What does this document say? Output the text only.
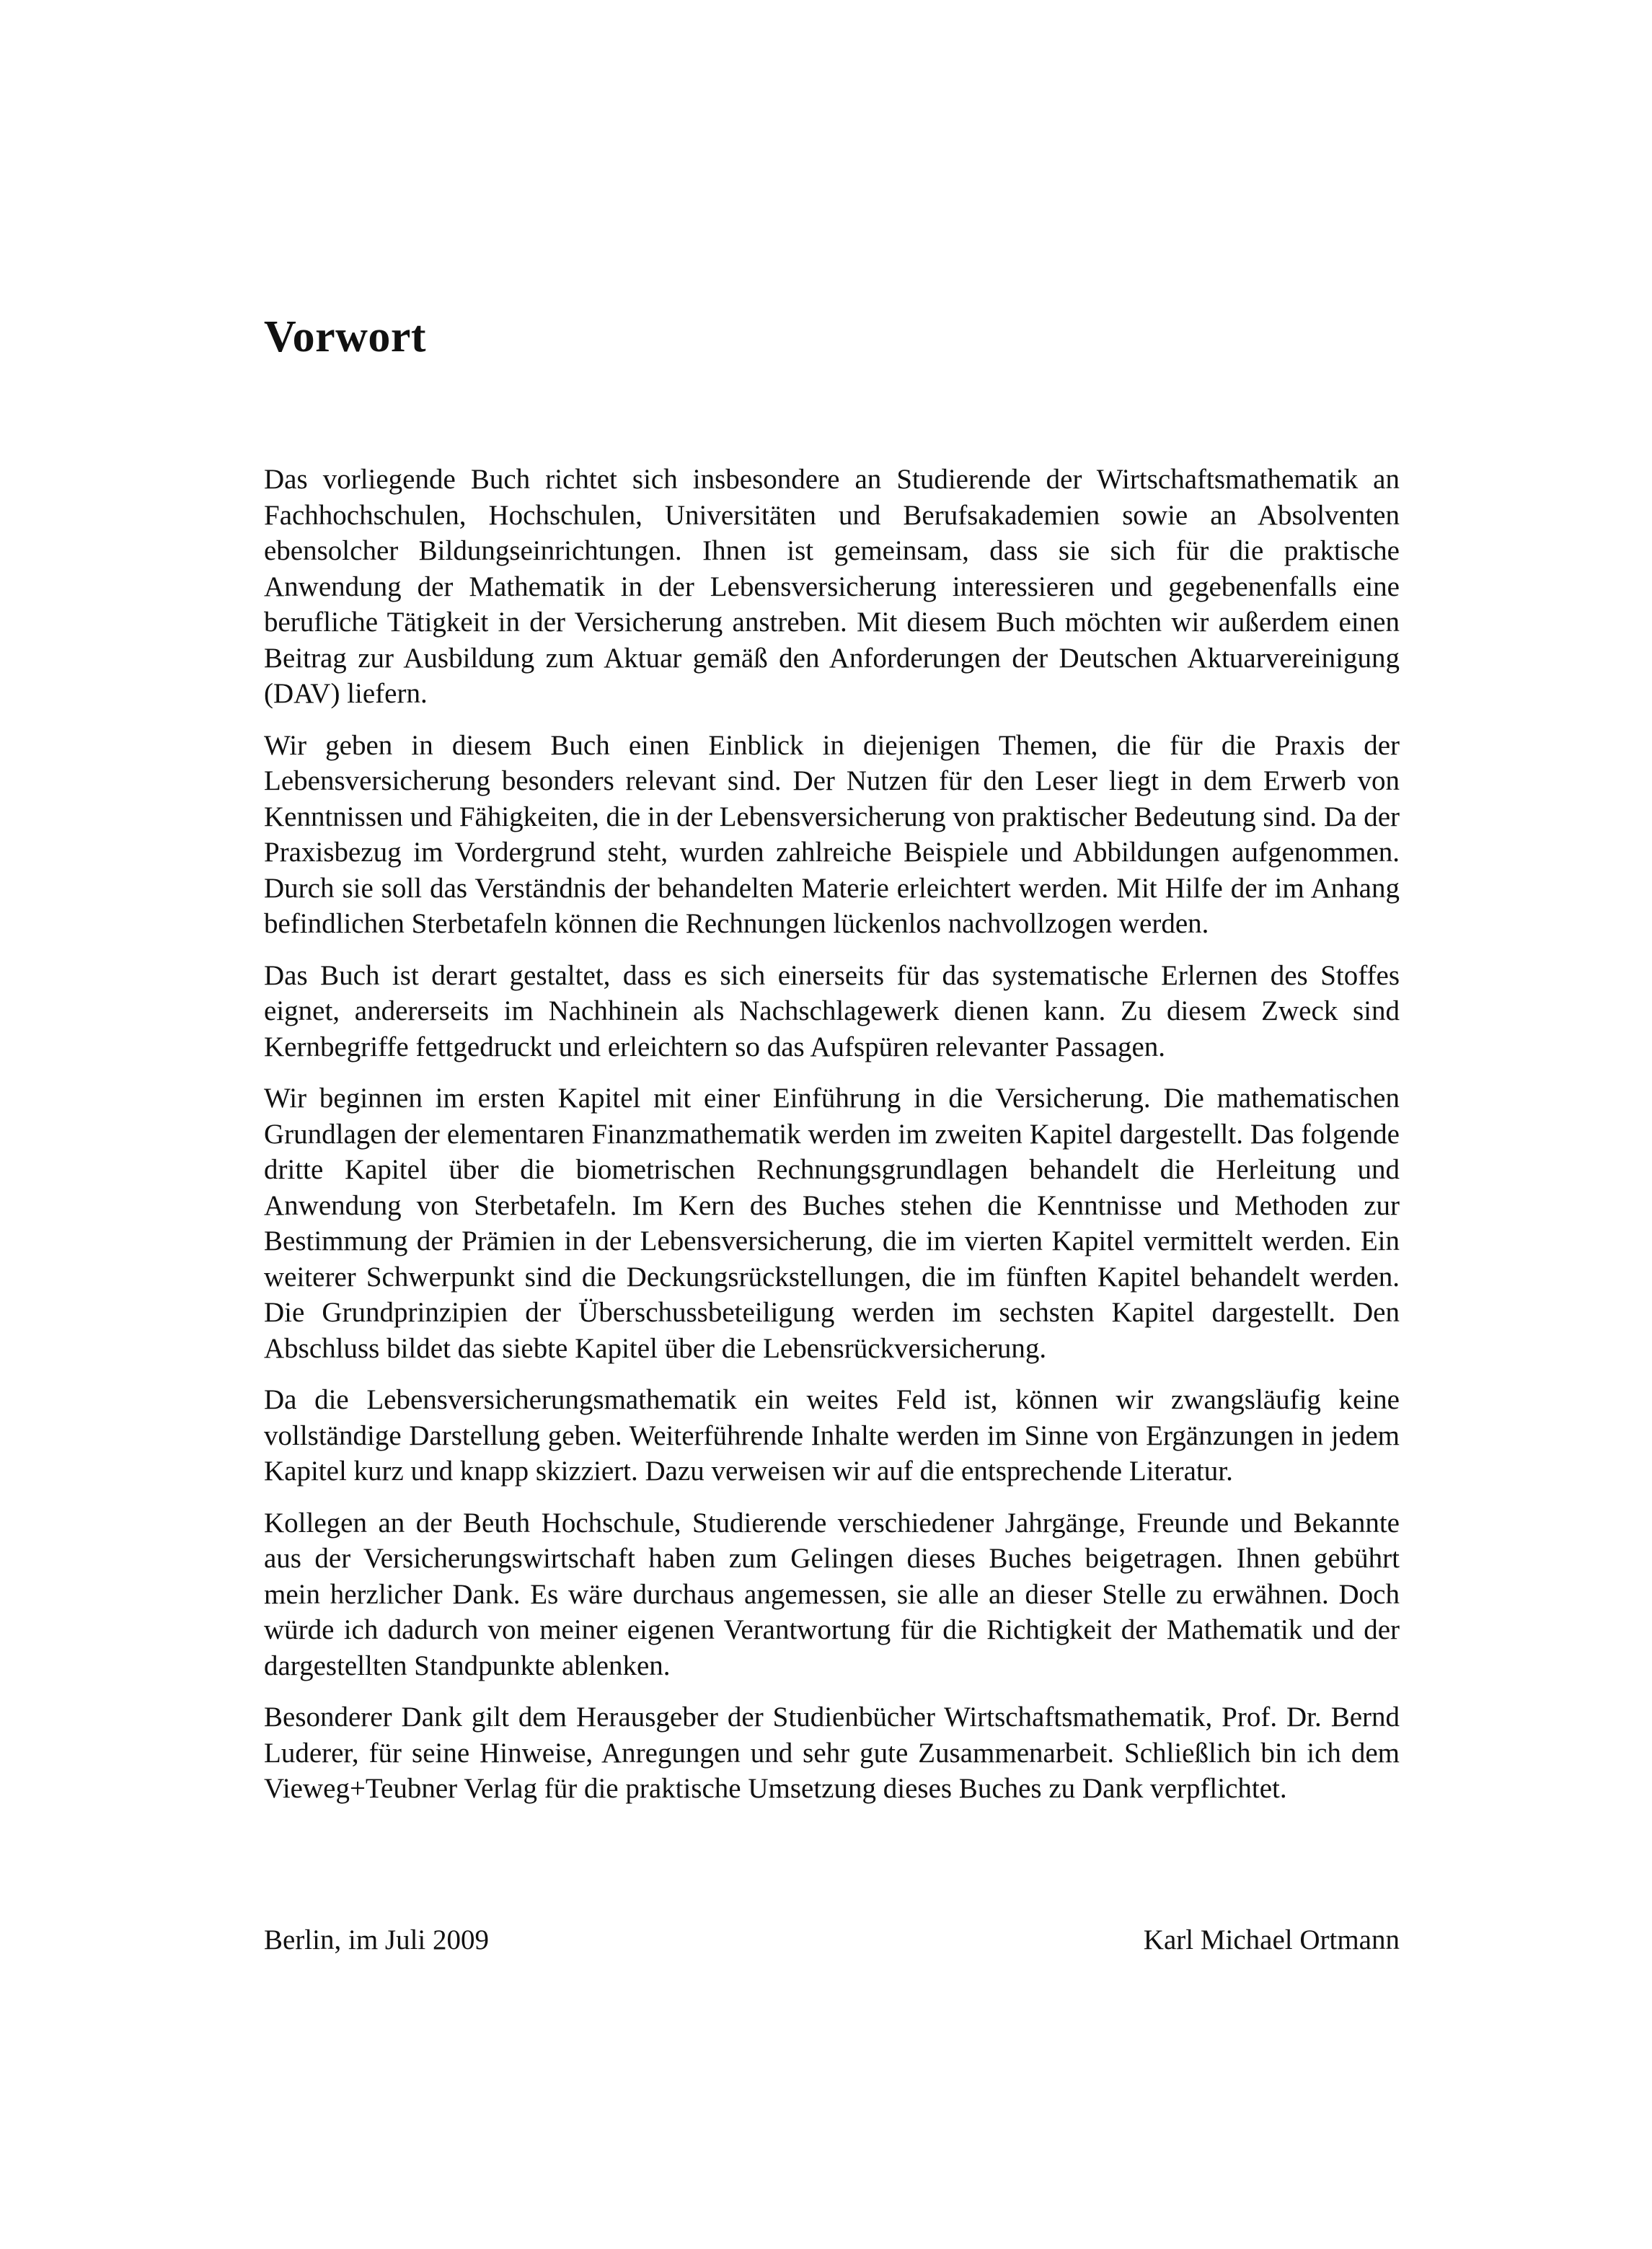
Vorwort

Das vorliegende Buch richtet sich insbesondere an Studierende der Wirtschaftsmathematik an Fachhochschulen, Hochschulen, Universitäten und Berufsakademien sowie an Absolventen ebensolcher Bildungseinrichtungen. Ihnen ist gemeinsam, dass sie sich für die praktische Anwendung der Mathematik in der Lebensversicherung interessieren und gegebenenfalls eine berufliche Tätigkeit in der Versicherung anstreben. Mit diesem Buch möchten wir außerdem einen Beitrag zur Ausbildung zum Aktuar gemäß den Anforderungen der Deutschen Aktuarvereinigung (DAV) liefern.

Wir geben in diesem Buch einen Einblick in diejenigen Themen, die für die Praxis der Lebensversicherung besonders relevant sind. Der Nutzen für den Leser liegt in dem Erwerb von Kenntnissen und Fähigkeiten, die in der Lebensversicherung von praktischer Bedeutung sind. Da der Praxisbezug im Vordergrund steht, wurden zahlreiche Beispiele und Abbildungen aufgenommen. Durch sie soll das Verständnis der behandelten Materie erleichtert werden. Mit Hilfe der im Anhang befindlichen Sterbetafeln können die Rechnungen lückenlos nachvollzogen werden.

Das Buch ist derart gestaltet, dass es sich einerseits für das systematische Erlernen des Stoffes eignet, andererseits im Nachhinein als Nachschlagewerk dienen kann. Zu diesem Zweck sind Kernbegriffe fettgedruckt und erleichtern so das Aufspüren relevanter Passagen.

Wir beginnen im ersten Kapitel mit einer Einführung in die Versicherung. Die mathematischen Grundlagen der elementaren Finanzmathematik werden im zweiten Kapitel dargestellt. Das folgende dritte Kapitel über die biometrischen Rechnungsgrundlagen behandelt die Herleitung und Anwendung von Sterbetafeln. Im Kern des Buches stehen die Kenntnisse und Methoden zur Bestimmung der Prämien in der Lebensversicherung, die im vierten Kapitel vermittelt werden. Ein weiterer Schwerpunkt sind die Deckungsrückstellungen, die im fünften Kapitel behandelt werden. Die Grundprinzipien der Überschussbeteiligung werden im sechsten Kapitel dargestellt. Den Abschluss bildet das siebte Kapitel über die Lebensrückversicherung.

Da die Lebensversicherungsmathematik ein weites Feld ist, können wir zwangsläufig keine vollständige Darstellung geben. Weiterführende Inhalte werden im Sinne von Ergänzungen in jedem Kapitel kurz und knapp skizziert. Dazu verweisen wir auf die entsprechende Literatur.

Kollegen an der Beuth Hochschule, Studierende verschiedener Jahrgänge, Freunde und Bekannte aus der Versicherungswirtschaft haben zum Gelingen dieses Buches beigetragen. Ihnen gebührt mein herzlicher Dank. Es wäre durchaus angemessen, sie alle an dieser Stelle zu erwähnen. Doch würde ich dadurch von meiner eigenen Verantwortung für die Richtigkeit der Mathematik und der dargestellten Standpunkte ablenken.

Besonderer Dank gilt dem Herausgeber der Studienbücher Wirtschaftsmathematik, Prof. Dr. Bernd Luderer, für seine Hinweise, Anregungen und sehr gute Zusammenarbeit. Schließlich bin ich dem Vieweg+Teubner Verlag für die praktische Umsetzung dieses Buches zu Dank verpflichtet.

Berlin, im Juli 2009	Karl Michael Ortmann
